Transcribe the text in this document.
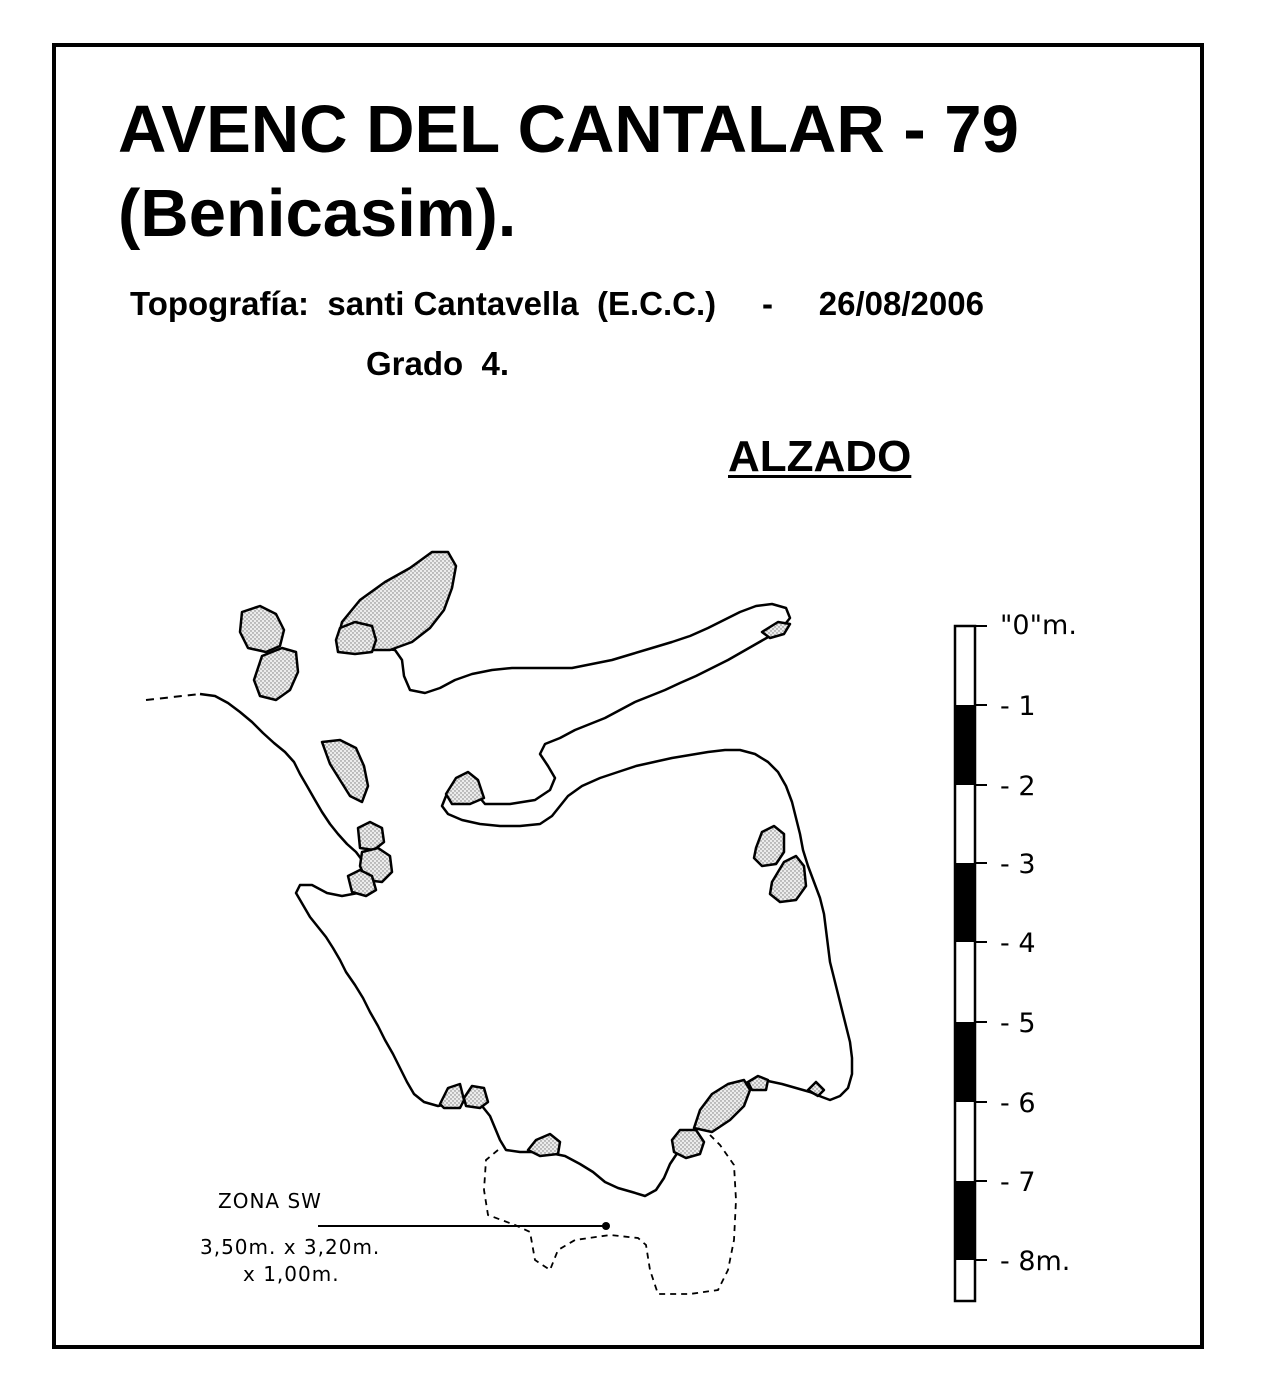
AVENC DEL CANTALAR - 79
(Benicasim).
Topografía:  santi Cantavella  (E.C.C.)     -     26/08/2006
Grado  4.
ALZADO
"0"m.
- 1
- 2
- 3
- 4
- 5
- 6
- 7
- 8m.
ZONA SW
3,50m. x 3,20m.
x 1,00m.
